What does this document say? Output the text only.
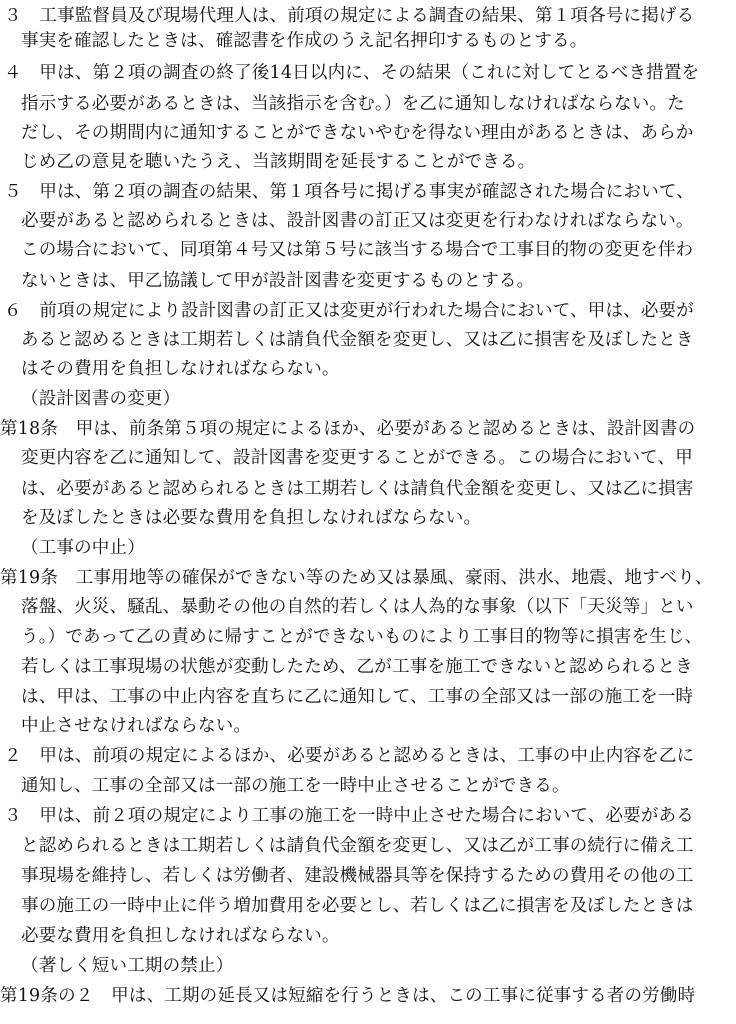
３　工事監督員及び現場代理人は、前項の規定による調査の結果、第１項各号に掲げる
事実を確認したときは、確認書を作成のうえ記名押印するものとする。
４　甲は、第２項の調査の終了後14日以内に、その結果（これに対してとるべき措置を
指示する必要があるときは、当該指示を含む。）を乙に通知しなければならない。た
だし、その期間内に通知することができないやむを得ない理由があるときは、あらか
じめ乙の意見を聴いたうえ、当該期間を延長することができる。
５　甲は、第２項の調査の結果、第１項各号に掲げる事実が確認された場合において、
必要があると認められるときは、設計図書の訂正又は変更を行わなければならない。
この場合において、同項第４号又は第５号に該当する場合で工事目的物の変更を伴わ
ないときは、甲乙協議して甲が設計図書を変更するものとする。
６　前項の規定により設計図書の訂正又は変更が行われた場合において、甲は、必要が
あると認めるときは工期若しくは請負代金額を変更し、又は乙に損害を及ぼしたとき
はその費用を負担しなければならない。
（設計図書の変更）
第18条　甲は、前条第５項の規定によるほか、必要があると認めるときは、設計図書の
変更内容を乙に通知して、設計図書を変更することができる。この場合において、甲
は、必要があると認められるときは工期若しくは請負代金額を変更し、又は乙に損害
を及ぼしたときは必要な費用を負担しなければならない。
（工事の中止）
第19条　工事用地等の確保ができない等のため又は暴風、豪雨、洪水、地震、地すべり、
落盤、火災、騒乱、暴動その他の自然的若しくは人為的な事象（以下「天災等」とい
う。）であって乙の責めに帰すことができないものにより工事目的物等に損害を生じ、
若しくは工事現場の状態が変動したため、乙が工事を施工できないと認められるとき
は、甲は、工事の中止内容を直ちに乙に通知して、工事の全部又は一部の施工を一時
中止させなければならない。
２　甲は、前項の規定によるほか、必要があると認めるときは、工事の中止内容を乙に
通知し、工事の全部又は一部の施工を一時中止させることができる。
３　甲は、前２項の規定により工事の施工を一時中止させた場合において、必要がある
と認められるときは工期若しくは請負代金額を変更し、又は乙が工事の続行に備え工
事現場を維持し、若しくは労働者、建設機械器具等を保持するための費用その他の工
事の施工の一時中止に伴う増加費用を必要とし、若しくは乙に損害を及ぼしたときは
必要な費用を負担しなければならない。
（著しく短い工期の禁止）
第19条の２　甲は、工期の延長又は短縮を行うときは、この工事に従事する者の労働時
